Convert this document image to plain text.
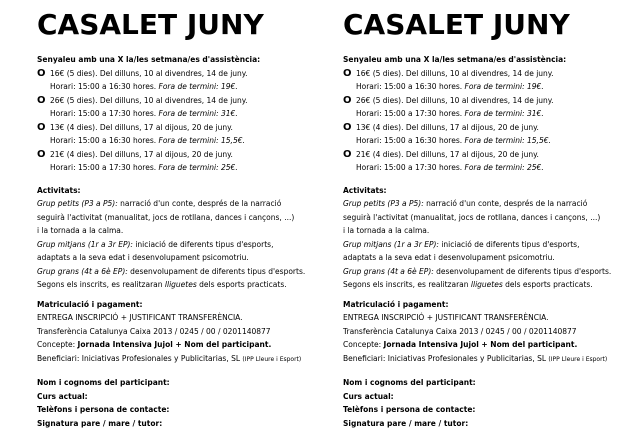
CASALET JUNY
Senyaleu amb una X la/les setmana/es d'assistència:
O 16€ (5 dies). Del dilluns, 10 al divendres, 14 de juny.
Horari: 15:00 a 16:30 hores. Fora de termini: 19€.
O 26€ (5 dies). Del dilluns, 10 al divendres, 14 de juny.
Horari: 15:00 a 17:30 hores. Fora de termini: 31€.
O 13€ (4 dies). Del dilluns, 17 al dijous, 20 de juny.
Horari: 15:00 a 16:30 hores. Fora de termini: 15,5€.
O 21€ (4 dies). Del dilluns, 17 al dijous, 20 de juny.
Horari: 15:00 a 17:30 hores. Fora de termini: 25€.
Activitats:
Grup petits (P3 a P5): narració d'un conte, després de la narració
seguirà l'activitat (manualitat, jocs de rotllana, dances i cançons, ...)
i la tornada a la calma.
Grup mitjans (1r a 3r EP): iniciació de diferents tipus d'esports,
adaptats a la seva edat i desenvolupament psicomotriu.
Grup grans (4t a 6è EP): desenvolupament de diferents tipus d'esports.
Segons els inscrits, es realitzaran lliguetes dels esports practicats.
Matriculació i pagament:
ENTREGA INSCRIPCIÓ + JUSTIFICANT TRANSFERÈNCIA.
Transferència Catalunya Caixa 2013 / 0245 / 00 / 0201140877
Concepte: Jornada Intensiva Jujol + Nom del participant.
Beneficiari: Iniciativas Profesionales y Publicitarias, SL (IPP Lleure i Esport)
Nom i cognoms del participant:
Curs actual:
Telèfons i persona de contacte:
Signatura pare / mare / tutor:
CASALET JUNY
Senyaleu amb una X la/les setmana/es d'assistència:
O 16€ (5 dies). Del dilluns, 10 al divendres, 14 de juny.
Horari: 15:00 a 16:30 hores. Fora de termini: 19€.
O 26€ (5 dies). Del dilluns, 10 al divendres, 14 de juny.
Horari: 15:00 a 17:30 hores. Fora de termini: 31€.
O 13€ (4 dies). Del dilluns, 17 al dijous, 20 de juny.
Horari: 15:00 a 16:30 hores. Fora de termini: 15,5€.
O 21€ (4 dies). Del dilluns, 17 al dijous, 20 de juny.
Horari: 15:00 a 17:30 hores. Fora de termini: 25€.
Activitats:
Grup petits (P3 a P5): narració d'un conte, després de la narració
seguirà l'activitat (manualitat, jocs de rotllana, dances i cançons, ...)
i la tornada a la calma.
Grup mitjans (1r a 3r EP): iniciació de diferents tipus d'esports,
adaptats a la seva edat i desenvolupament psicomotriu.
Grup grans (4t a 6è EP): desenvolupament de diferents tipus d'esports.
Segons els inscrits, es realitzaran lliguetes dels esports practicats.
Matriculació i pagament:
ENTREGA INSCRIPCIÓ + JUSTIFICANT TRANSFERÈNCIA.
Transferència Catalunya Caixa 2013 / 0245 / 00 / 0201140877
Concepte: Jornada Intensiva Jujol + Nom del participant.
Beneficiari: Iniciativas Profesionales y Publicitarias, SL (IPP Lleure i Esport)
Nom i cognoms del participant:
Curs actual:
Telèfons i persona de contacte:
Signatura pare / mare / tutor:
